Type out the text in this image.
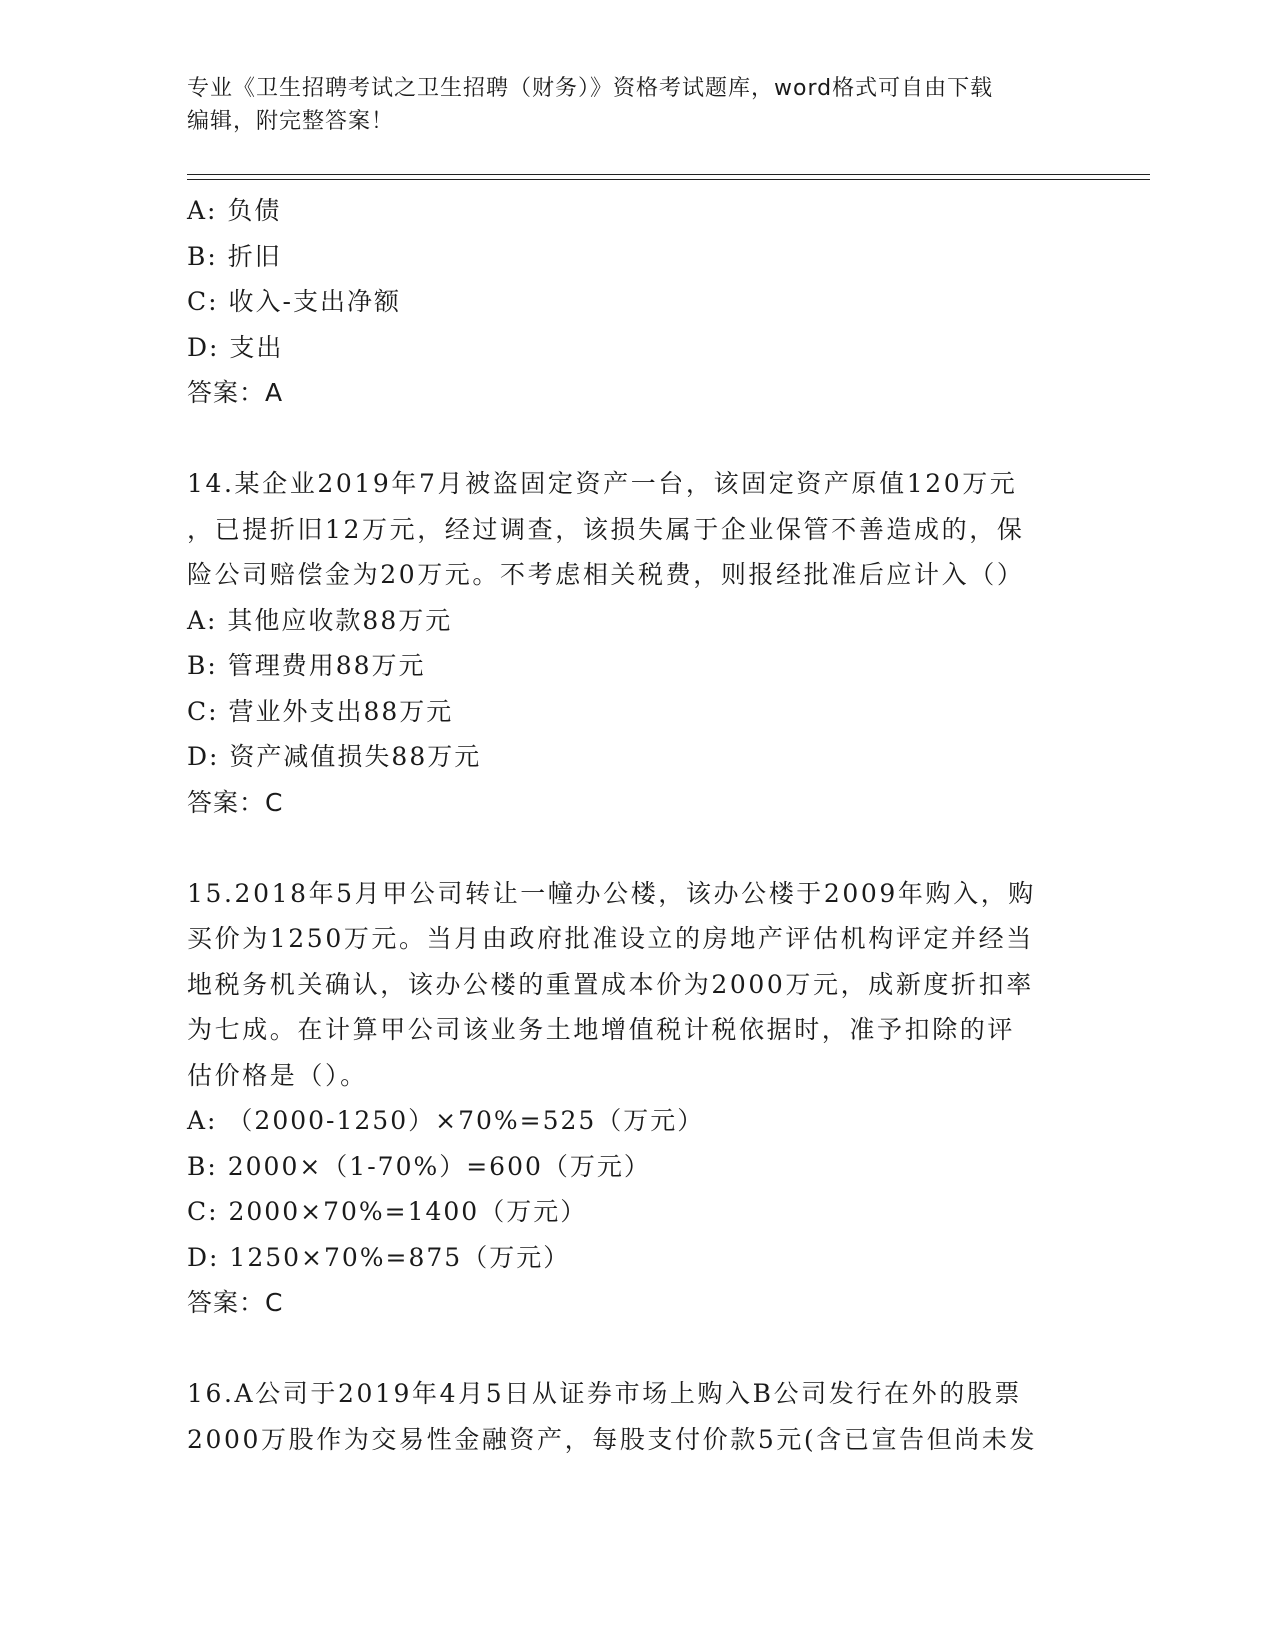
专业《卫生招聘考试之卫生招聘（财务）》资格考试题库，word格式可自由下载
编辑，附完整答案！
A: 负债
B: 折旧
C: 收入-支出净额
D: 支出
答案：A
14.某企业2019年7月被盗固定资产一台，该固定资产原值120万元
，已提折旧12万元，经过调查，该损失属于企业保管不善造成的，保
险公司赔偿金为20万元。不考虑相关税费，则报经批准后应计入（）
A: 其他应收款88万元
B: 管理费用88万元
C: 营业外支出88万元
D: 资产减值损失88万元
答案：C
15.2018年5月甲公司转让一幢办公楼，该办公楼于2009年购入，购
买价为1250万元。当月由政府批准设立的房地产评估机构评定并经当
地税务机关确认，该办公楼的重置成本价为2000万元，成新度折扣率
为七成。在计算甲公司该业务土地增值税计税依据时，准予扣除的评
估价格是（）。
A: （2000-1250）×70%=525（万元）
B: 2000×（1-70%）=600（万元）
C: 2000×70%=1400（万元）
D: 1250×70%=875（万元）
答案：C
16.A公司于2019年4月5日从证券市场上购入B公司发行在外的股票
2000万股作为交易性金融资产，每股支付价款5元(含已宣告但尚未发
